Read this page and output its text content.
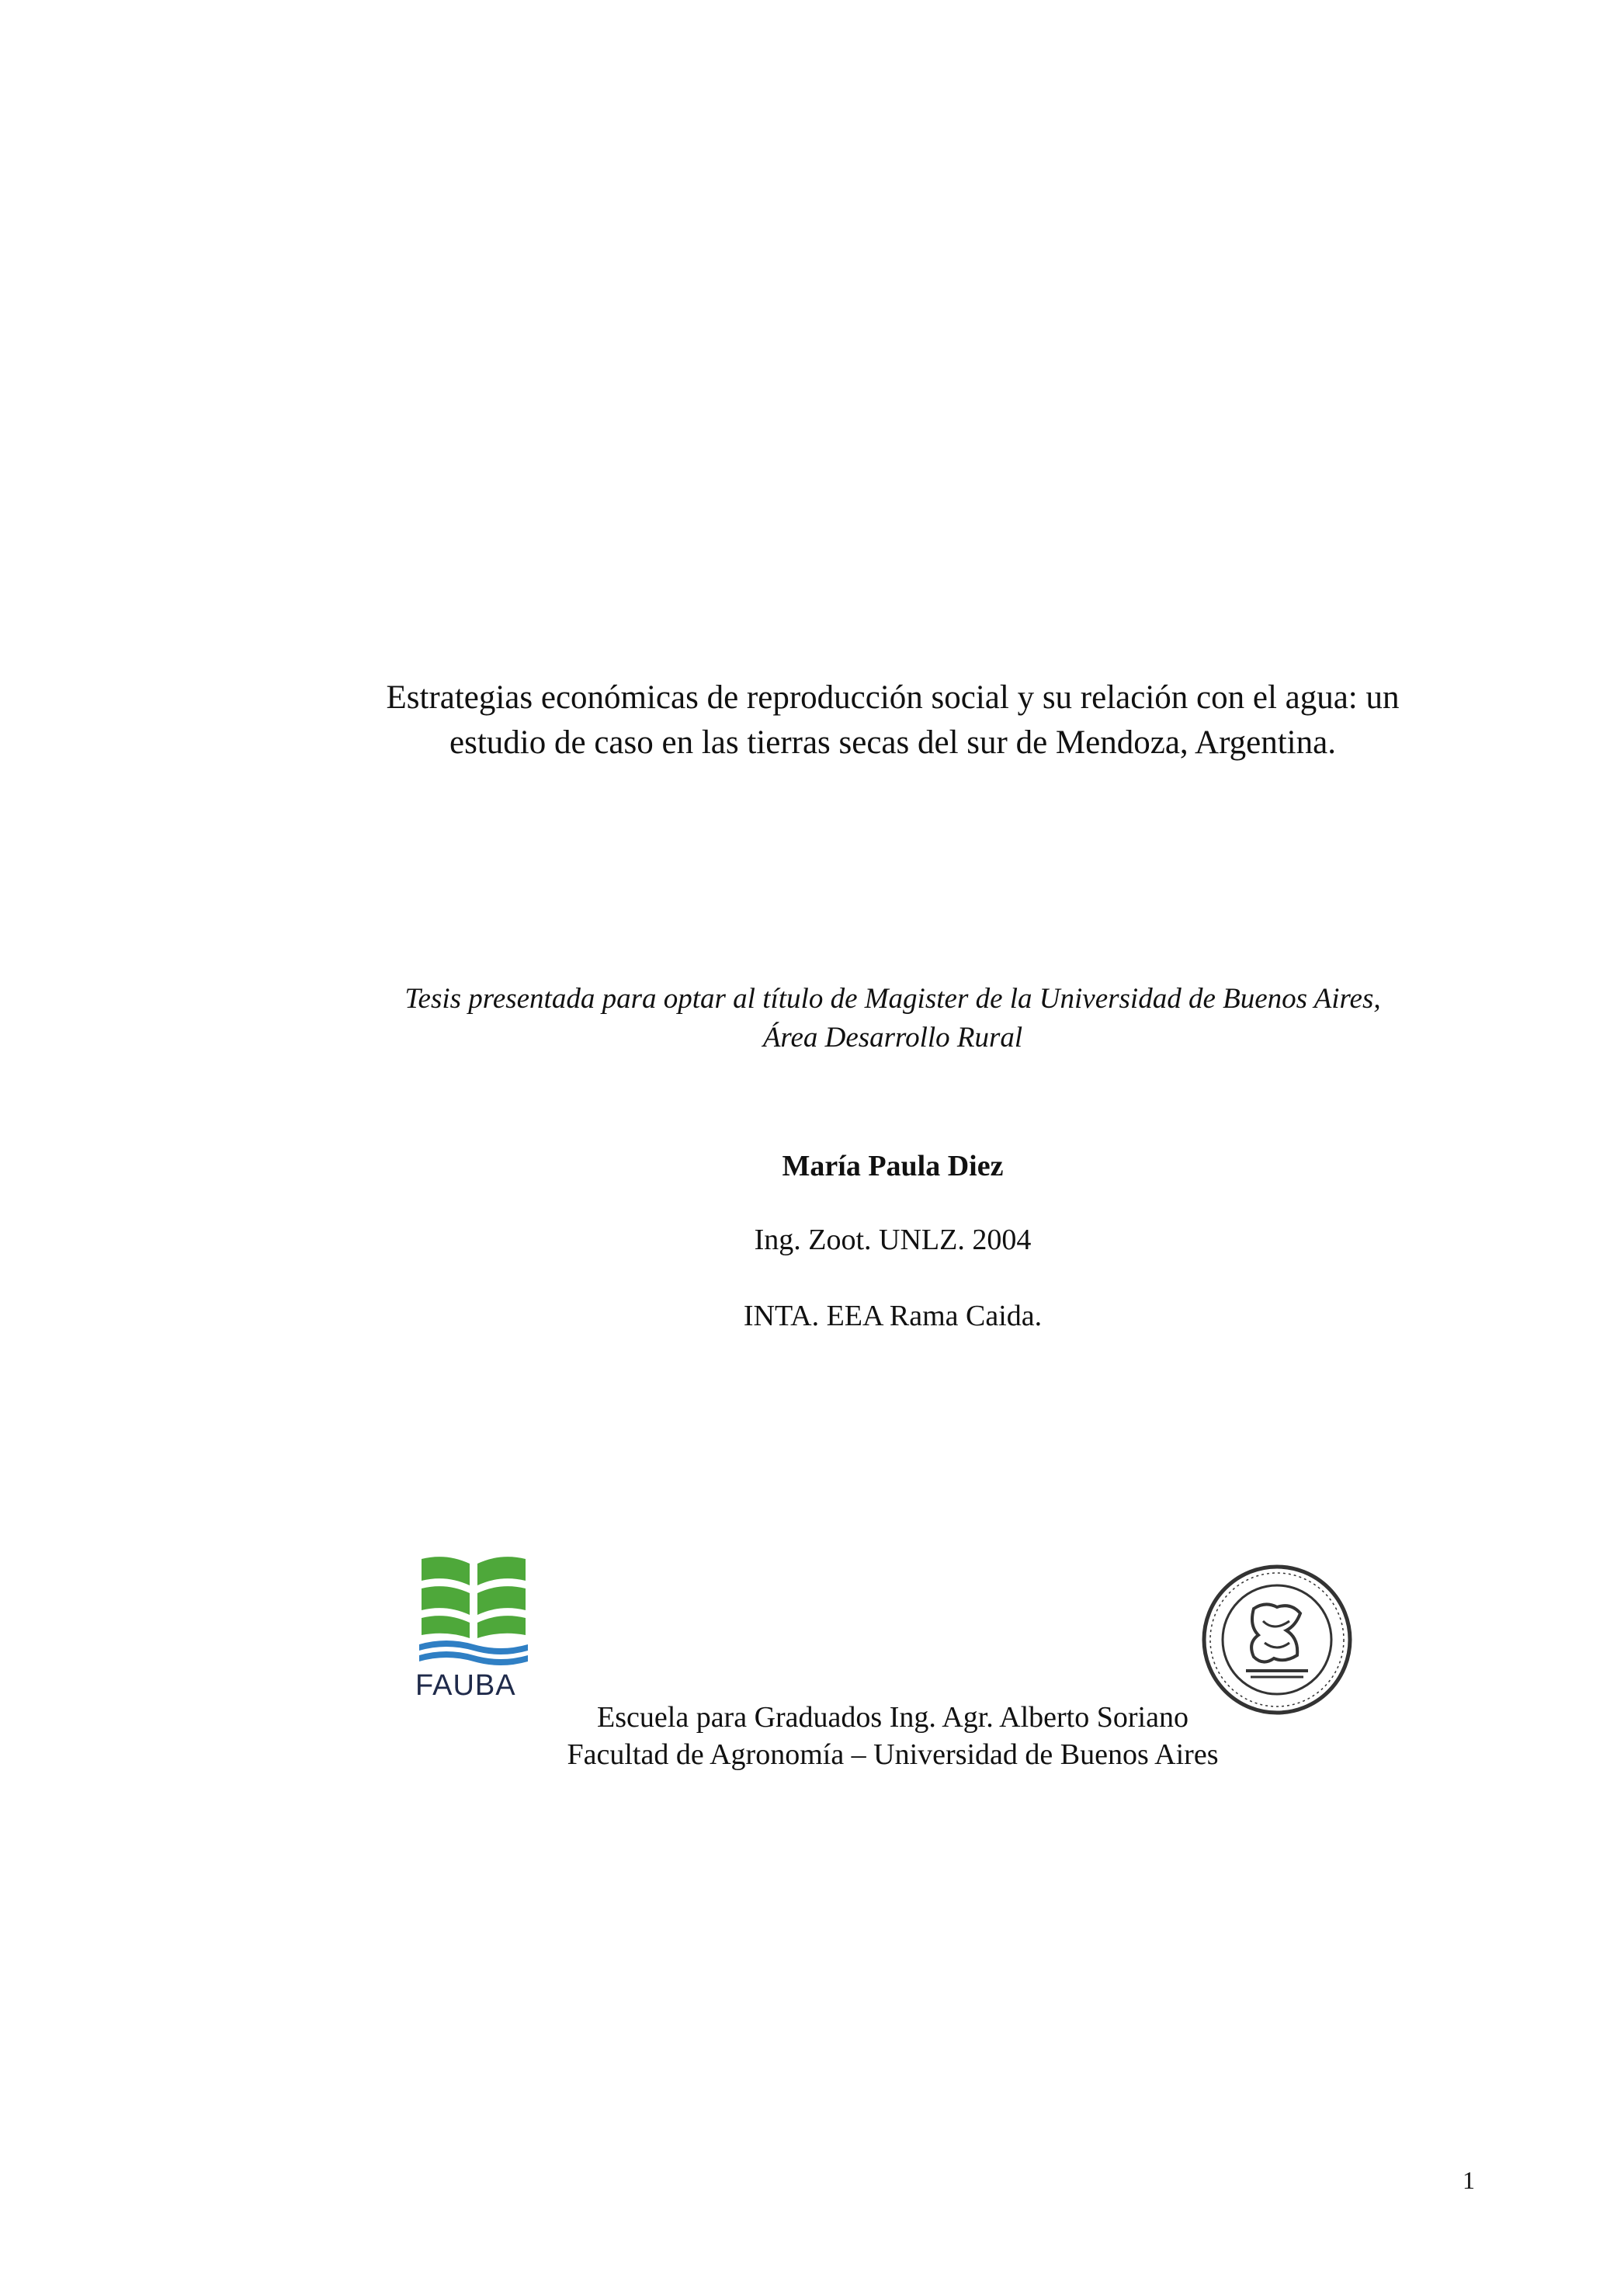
Estrategias económicas de reproducción social y su relación con el agua: un
estudio de caso en las tierras secas del sur de Mendoza, Argentina.
Tesis presentada para optar al título de Magister de la Universidad de Buenos Aires,
Área Desarrollo Rural
María Paula Diez
Ing. Zoot. UNLZ. 2004
INTA. EEA Rama Caida.
FAUBA
Escuela para Graduados Ing. Agr. Alberto Soriano
Facultad de Agronomía – Universidad de Buenos Aires
1
